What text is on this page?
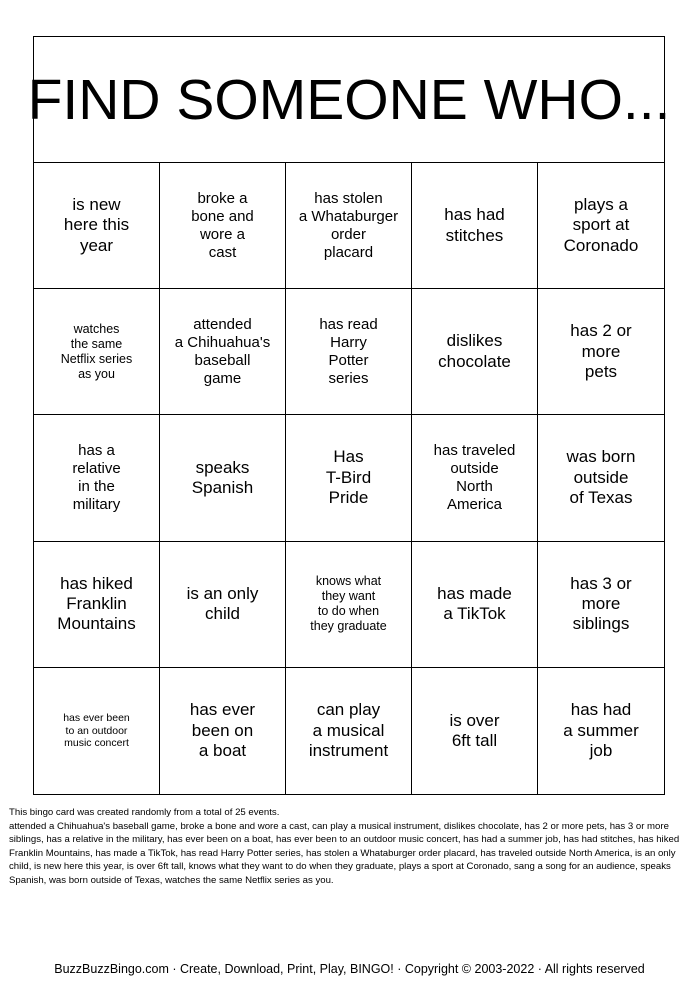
FIND SOMEONE WHO...
is new
here this
year
broke a
bone and
wore a
cast
has stolen
a Whataburger
order
placard
has had
stitches
plays a
sport at
Coronado
watches
the same
Netflix series
as you
attended
a Chihuahua's
baseball
game
has read
Harry
Potter
series
dislikes
chocolate
has 2 or
more
pets
has a
relative
in the
military
speaks
Spanish
Has
T-Bird
Pride
has traveled
outside
North
America
was born
outside
of Texas
has hiked
Franklin
Mountains
is an only
child
knows what
they want
to do when
they graduate
has made
a TikTok
has 3 or
more
siblings
has ever been
to an outdoor
music concert
has ever
been on
a boat
can play
a musical
instrument
is over
6ft tall
has had
a summer
job

This bingo card was created randomly from a total of 25 events.

attended a Chihuahua's baseball game, broke a bone and wore a cast, can play a musical instrument, dislikes chocolate, has 2 or more pets, has 3 or more siblings, has a relative in the military, has ever been on a boat, has ever been to an outdoor music concert, has had a summer job, has had stitches, has hiked Franklin Mountains, has made a TikTok, has read Harry Potter series, has stolen a Whataburger order placard, has traveled outside North America, is an only child, is new here this year, is over 6ft tall, knows what they want to do when they graduate, plays a sport at Coronado, sang a song for an audience, speaks Spanish, was born outside of Texas, watches the same Netflix series as you.

BuzzBuzzBingo.com · Create, Download, Print, Play, BINGO! · Copyright © 2003-2022 · All rights reserved
